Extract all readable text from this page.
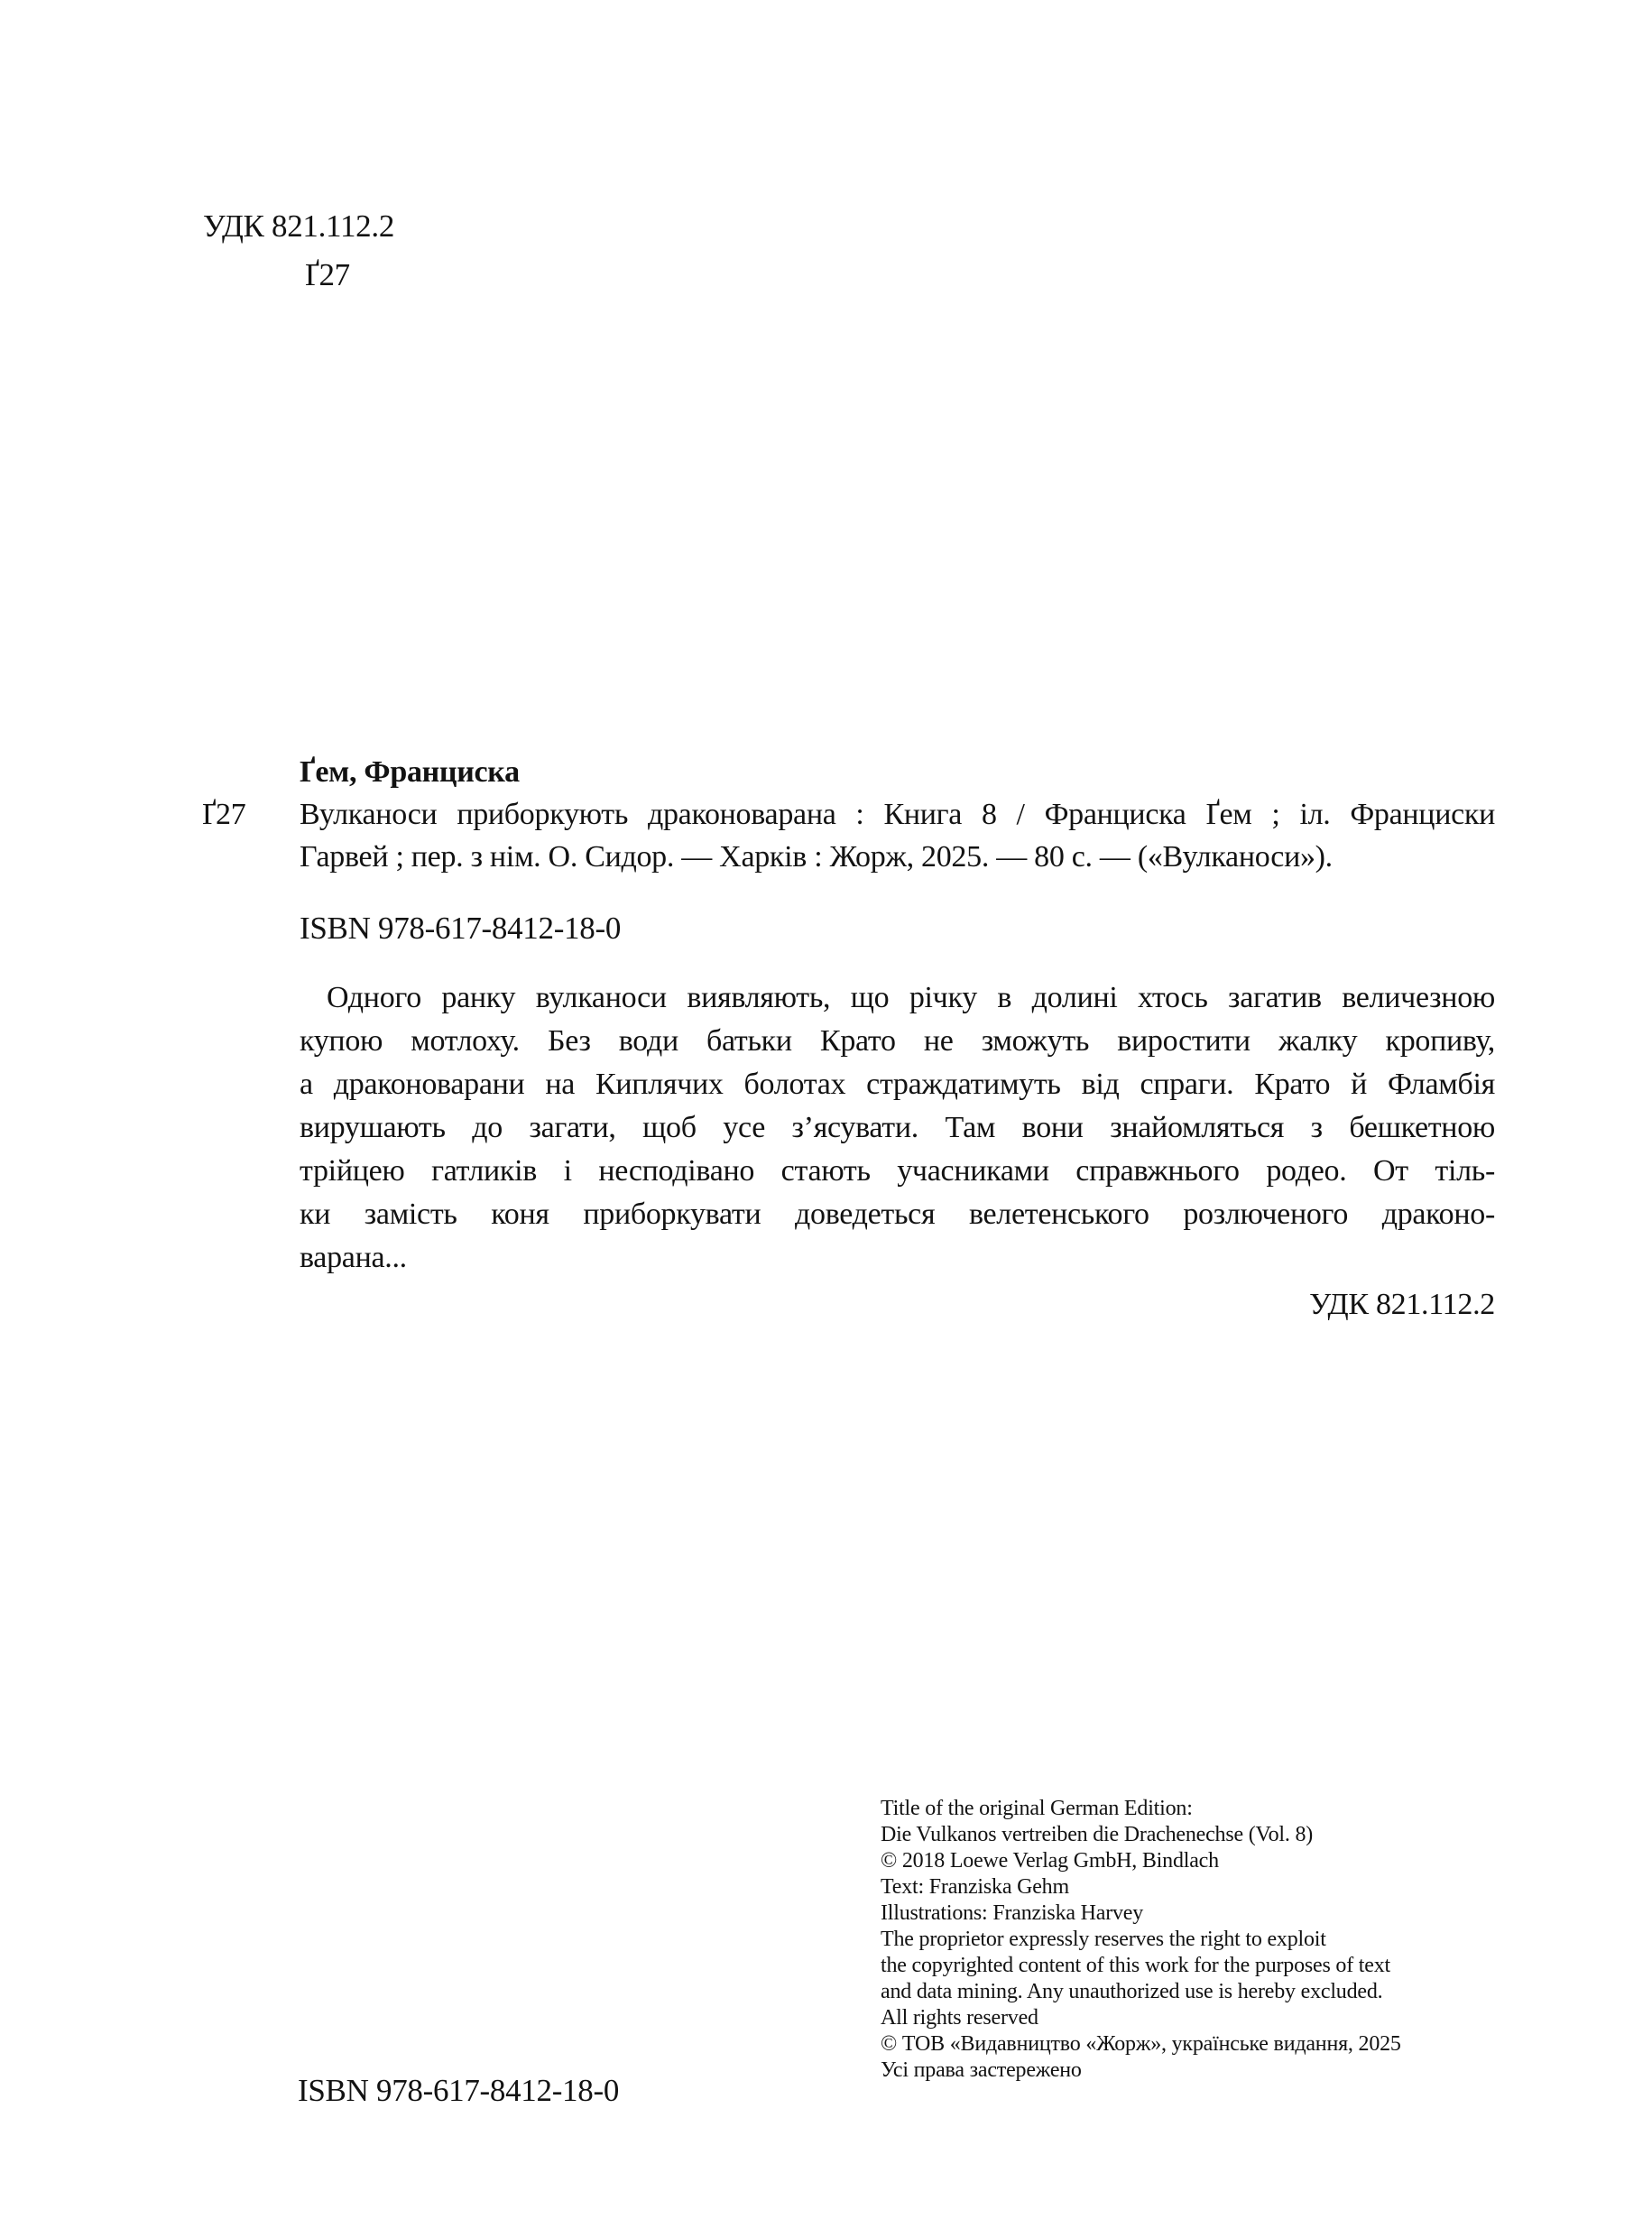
УДК 821.112.2
Ґ27
Ґ27
Ґем, Франциска
Вулканоси приборкують драконоварана : Книга 8 / Франциска Ґем ; іл. Франциски
Гарвей ; пер. з нім. О. Сидор. — Харків : Жорж, 2025. — 80 с. — («Вулканоси»).
ISBN 978-617-8412-18-0
Одного ранку вулканоси виявляють, що річку в долині хтось загатив величезною
купою мотлоху. Без води батьки Крато не зможуть виростити жалку кропиву,
а драконоварани на Киплячих болотах страждатимуть від спраги. Крато й Фламбія
вирушають до загати, щоб усе з’ясувати. Там вони знайомляться з бешкетною
трійцею гатликів і несподівано стають учасниками справжнього родео. От тіль-
ки замість коня приборкувати доведеться велетенського розлюченого драконо-
варана...
УДК 821.112.2
Title of the original German Edition:
Die Vulkanos vertreiben die Drachenechse (Vol. 8)
© 2018 Loewe Verlag GmbH, Bindlach
Text: Franziska Gehm
Illustrations: Franziska Harvey
The proprietor expressly reserves the right to exploit
the copyrighted content of this work for the purposes of text
and data mining. Any unauthorized use is hereby excluded.
All rights reserved
© ТОВ «Видавництво «Жорж», українське видання, 2025
Усі права застережено
ISBN 978-617-8412-18-0
